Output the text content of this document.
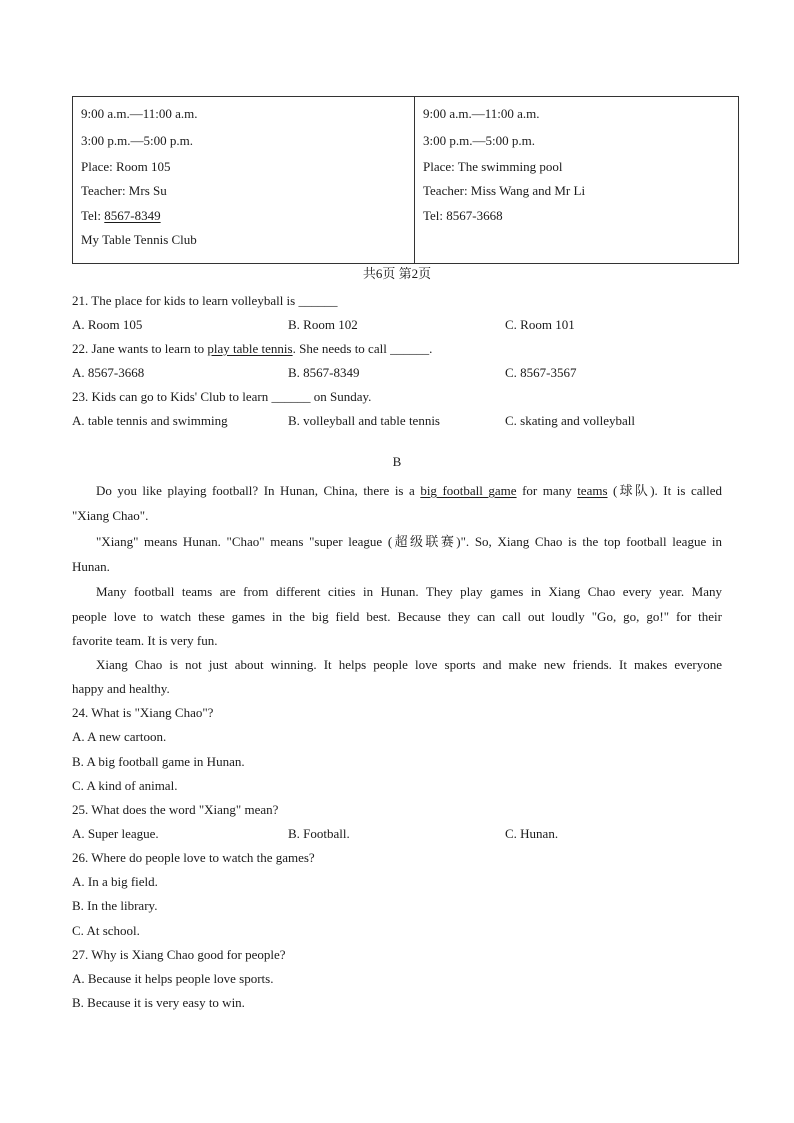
9:00 a.m.—11:00 a.m.
3:00 p.m.—5:00 p.m.
Place: Room 105
Teacher: Mrs Su
Tel: 8567-8349
My Table Tennis Club
9:00 a.m.—11:00 a.m.
3:00 p.m.—5:00 p.m.
Place: The swimming pool
Teacher: Miss Wang and Mr Li
Tel: 8567-3668
共6页 第2页
21. The place for kids to learn volleyball is ______
A. Room 105	B. Room 102	C. Room 101
22. Jane wants to learn to play table tennis. She needs to call ______.
A. 8567-3668	B. 8567-8349	C. 8567-3567
23. Kids can go to Kids' Club to learn ______ on Sunday.
A. table tennis and swimming	B. volleyball and table tennis	C. skating and volleyball
B
Do you like playing football? In Hunan, China, there is a big football game for many teams (球队). It is called
"Xiang Chao".
"Xiang" means Hunan. "Chao" means "super league (超级联赛)". So, Xiang Chao is the top football league in
Hunan.
Many football teams are from different cities in Hunan. They play games in Xiang Chao every year. Many
people love to watch these games in the big field best. Because they can call out loudly "Go, go, go!" for their
favorite team. It is very fun.
Xiang Chao is not just about winning. It helps people love sports and make new friends. It makes everyone
happy and healthy.
24. What is "Xiang Chao"?
A. A new cartoon.
B. A big football game in Hunan.
C. A kind of animal.
25. What does the word "Xiang" mean?
A. Super league.	B. Football.	C. Hunan.
26. Where do people love to watch the games?
A. In a big field.
B. In the library.
C. At school.
27. Why is Xiang Chao good for people?
A. Because it helps people love sports.
B. Because it is very easy to win.
